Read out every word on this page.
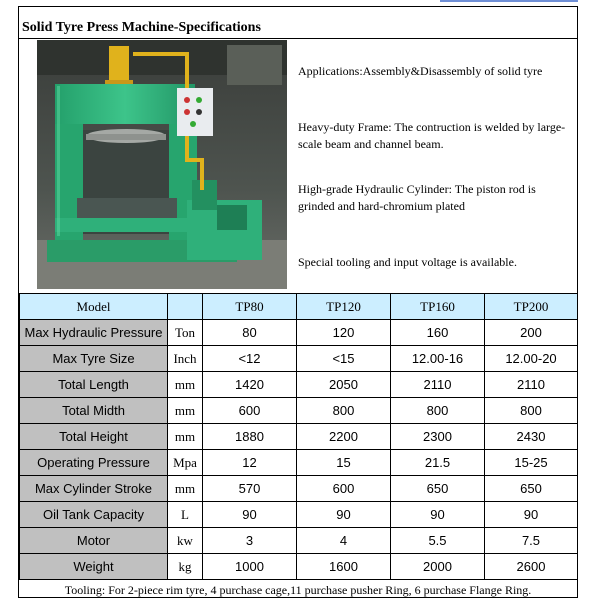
Solid Tyre Press Machine-Specifications
Applications:Assembly&Disassembly of solid tyre
Heavy-duty Frame: The contruction is welded by large-scale beam and channel beam.
High-grade Hydraulic Cylinder: The piston rod is grinded and hard-chromium plated
Special tooling and input voltage is available.
Model		TP80	TP120	TP160	TP200
Max Hydraulic Pressure	Ton	80	120	160	200
Max Tyre Size	Inch	<12	<15	12.00-16	12.00-20
Total Length	mm	1420	2050	2110	2110
Total Midth	mm	600	800	800	800
Total Height	mm	1880	2200	2300	2430
Operating Pressure	Mpa	12	15	21.5	15-25
Max Cylinder Stroke	mm	570	600	650	650
Oil Tank Capacity	L	90	90	90	90
Motor	kw	3	4	5.5	7.5
Weight	kg	1000	1600	2000	2600
Tooling: For 2-piece rim tyre, 4 purchase cage,11 purchase pusher Ring, 6 purchase Flange Ring.
